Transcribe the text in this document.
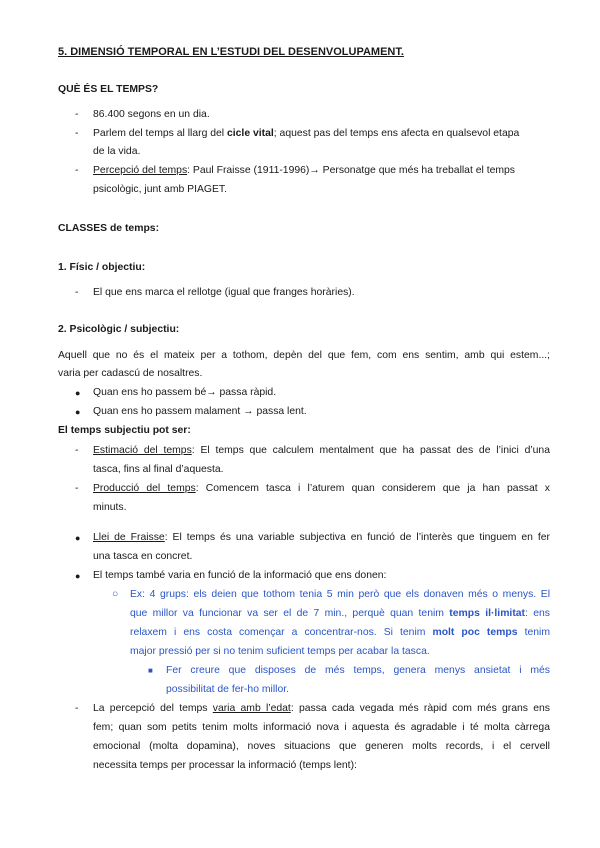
5. DIMENSIÓ TEMPORAL EN L’ESTUDI DEL DESENVOLUPAMENT.
QUÈ ÉS EL TEMPS?
- 86.400 segons en un dia.
- Parlem del temps al llarg del cicle vital; aquest pas del temps ens afecta en qualsevol etapa
de la vida.
- Percepció del temps: Paul Fraisse (1911-1996)→ Personatge que més ha treballat el temps
psicològic, junt amb PIAGET.
CLASSES de temps:
1. Físic / objectiu:
- El que ens marca el rellotge (igual que franges horàries).
2. Psicològic / subjectiu:
Aquell que no és el mateix per a tothom, depèn del que fem, com ens sentim, amb qui estem...;
varia per cadascú de nosaltres.
● Quan ens ho passem bé→ passa ràpid.
● Quan ens ho passem malament → passa lent.
El temps subjectiu pot ser:
- Estimació del temps: El temps que calculem mentalment que ha passat des de l’inici d’una
tasca, fins al final d’aquesta.
- Producció del temps: Comencem tasca i l’aturem quan considerem que ja han passat x
minuts.
● Llei de Fraisse: El temps és una variable subjectiva en funció de l’interès que tinguem en fer
una tasca en concret.
● El temps també varia en funció de la informació que ens donen:
○ Ex: 4 grups: els deien que tothom tenia 5 min però que els donaven més o menys. El
que millor va funcionar va ser el de 7 min., perquè quan tenim temps il·limitat: ens
relaxem i ens costa començar a concentrar-nos. Si tenim molt poc temps tenim
major pressió per si no tenim suficient temps per acabar la tasca.
■ Fer creure que disposes de més temps, genera menys ansietat i més
possibilitat de fer-ho millor.
- La percepció del temps varia amb l’edat: passa cada vegada més ràpid com més grans ens
fem; quan som petits tenim molts informació nova i aquesta és agradable i té molta càrrega
emocional (molta dopamina), noves situacions que generen molts records, i el cervell
necessita temps per processar la informació (temps lent):
